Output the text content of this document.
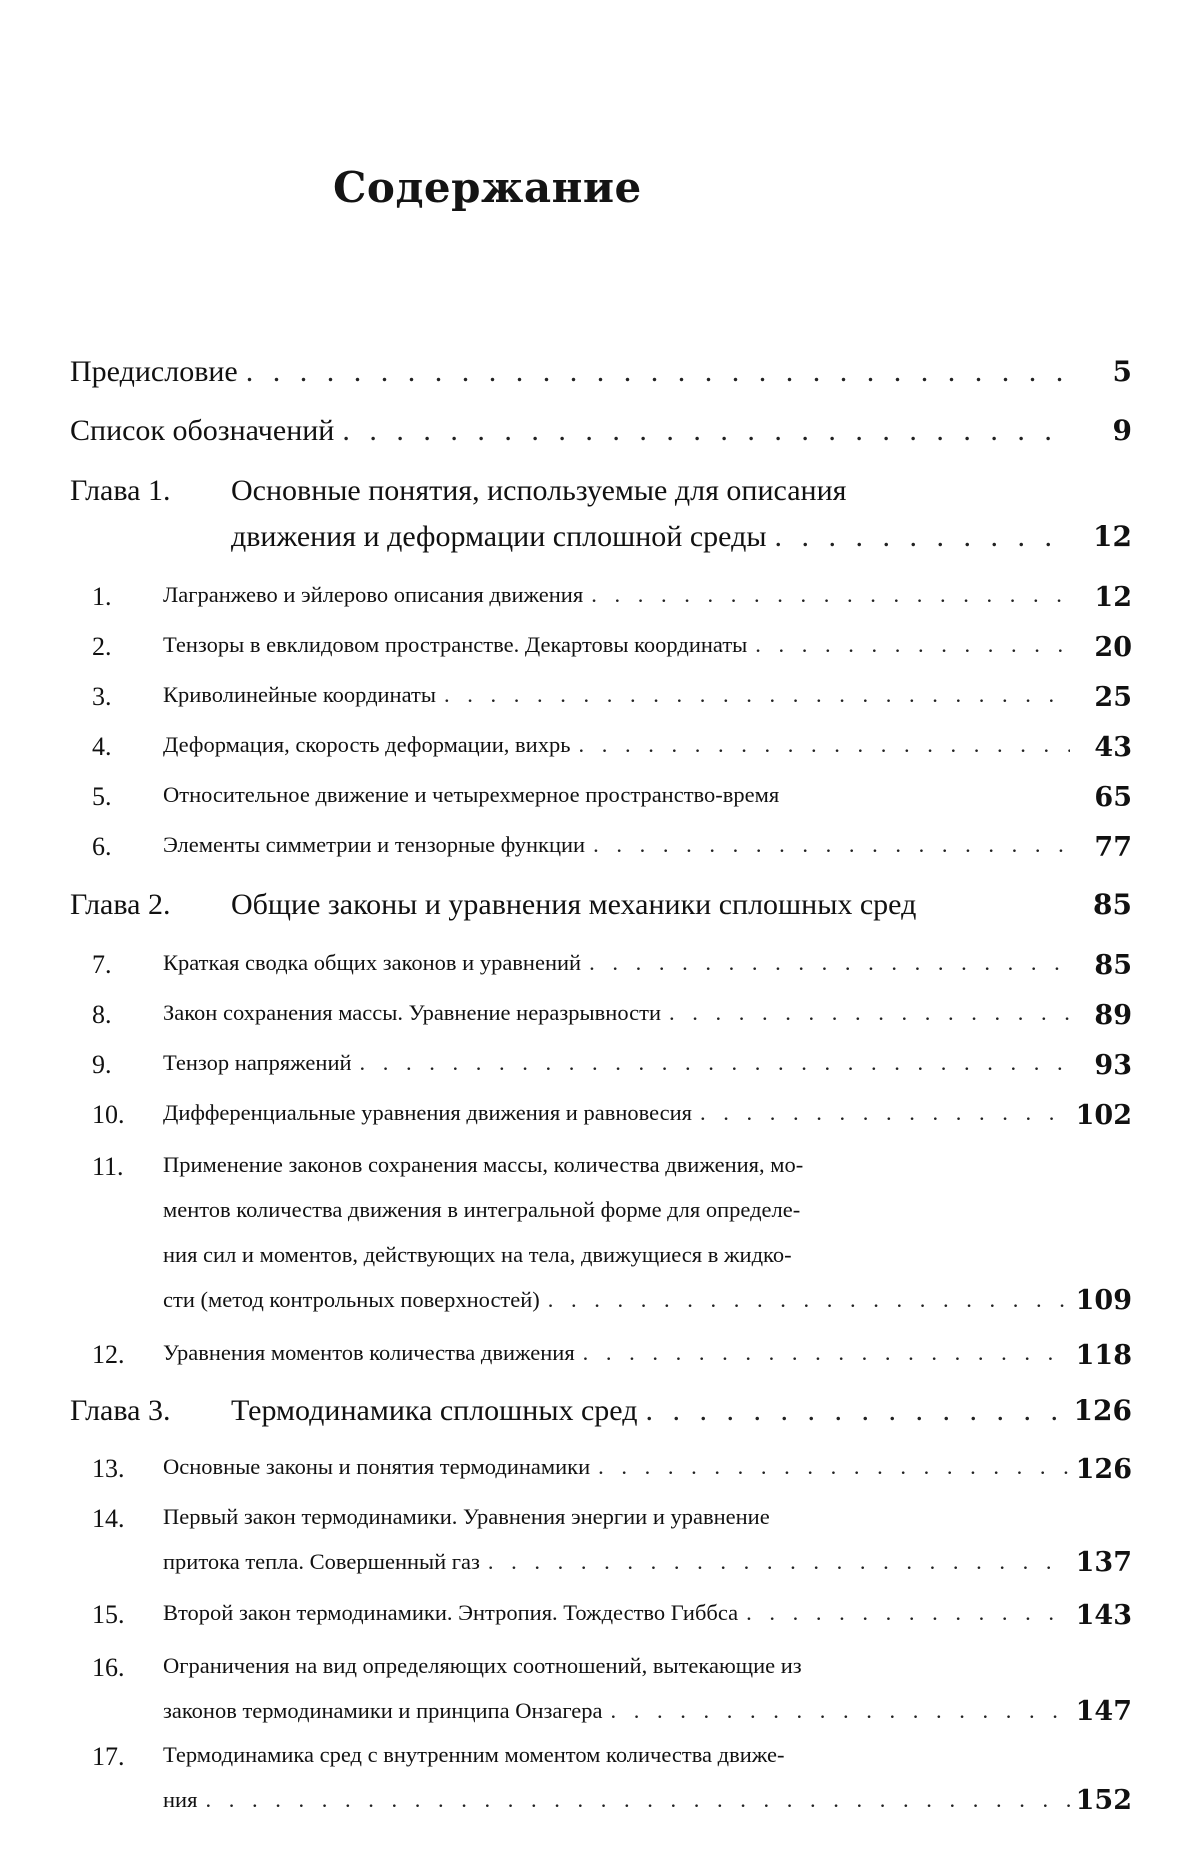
Содержание
Предисловие . . .	5
Список обозначений . . .	9
Глава 1. Основные понятия, используемые для описания
движения и деформации сплошной среды . . .	12
1.	Лагранжево и эйлерово описания движения . . .	12
2.	Тензоры в евклидовом пространстве. Декартовы координаты . . .	20
3.	Криволинейные координаты . . .	25
4.	Деформация, скорость деформации, вихрь . . .	43
5.	Относительное движение и четырехмерное пространство-время	65
6.	Элементы симметрии и тензорные функции . . .	77
Глава 2. Общие законы и уравнения механики сплошных сред	85
7.	Краткая сводка общих законов и уравнений . . .	85
8.	Закон сохранения массы. Уравнение неразрывности . . .	89
9.	Тензор напряжений . . .	93
10.	Дифференциальные уравнения движения и равновесия . . .	102
11.	Применение законов сохранения массы, количества движения, мо-
ментов количества движения в интегральной форме для определе-
ния сил и моментов, действующих на тела, движущиеся в жидко-
сти (метод контрольных поверхностей) . . .	109
12.	Уравнения моментов количества движения . . .	118
Глава 3. Термодинамика сплошных сред . . .	126
13.	Основные законы и понятия термодинамики . . .	126
14.	Первый закон термодинамики. Уравнения энергии и уравнение
притока тепла. Совершенный газ . . .	137
15.	Второй закон термодинамики. Энтропия. Тождество Гиббса . . .	143
16.	Ограничения на вид определяющих соотношений, вытекающие из
законов термодинамики и принципа Онзагера . . .	147
17.	Термодинамика сред с внутренним моментом количества движе-
ния . . .	152
